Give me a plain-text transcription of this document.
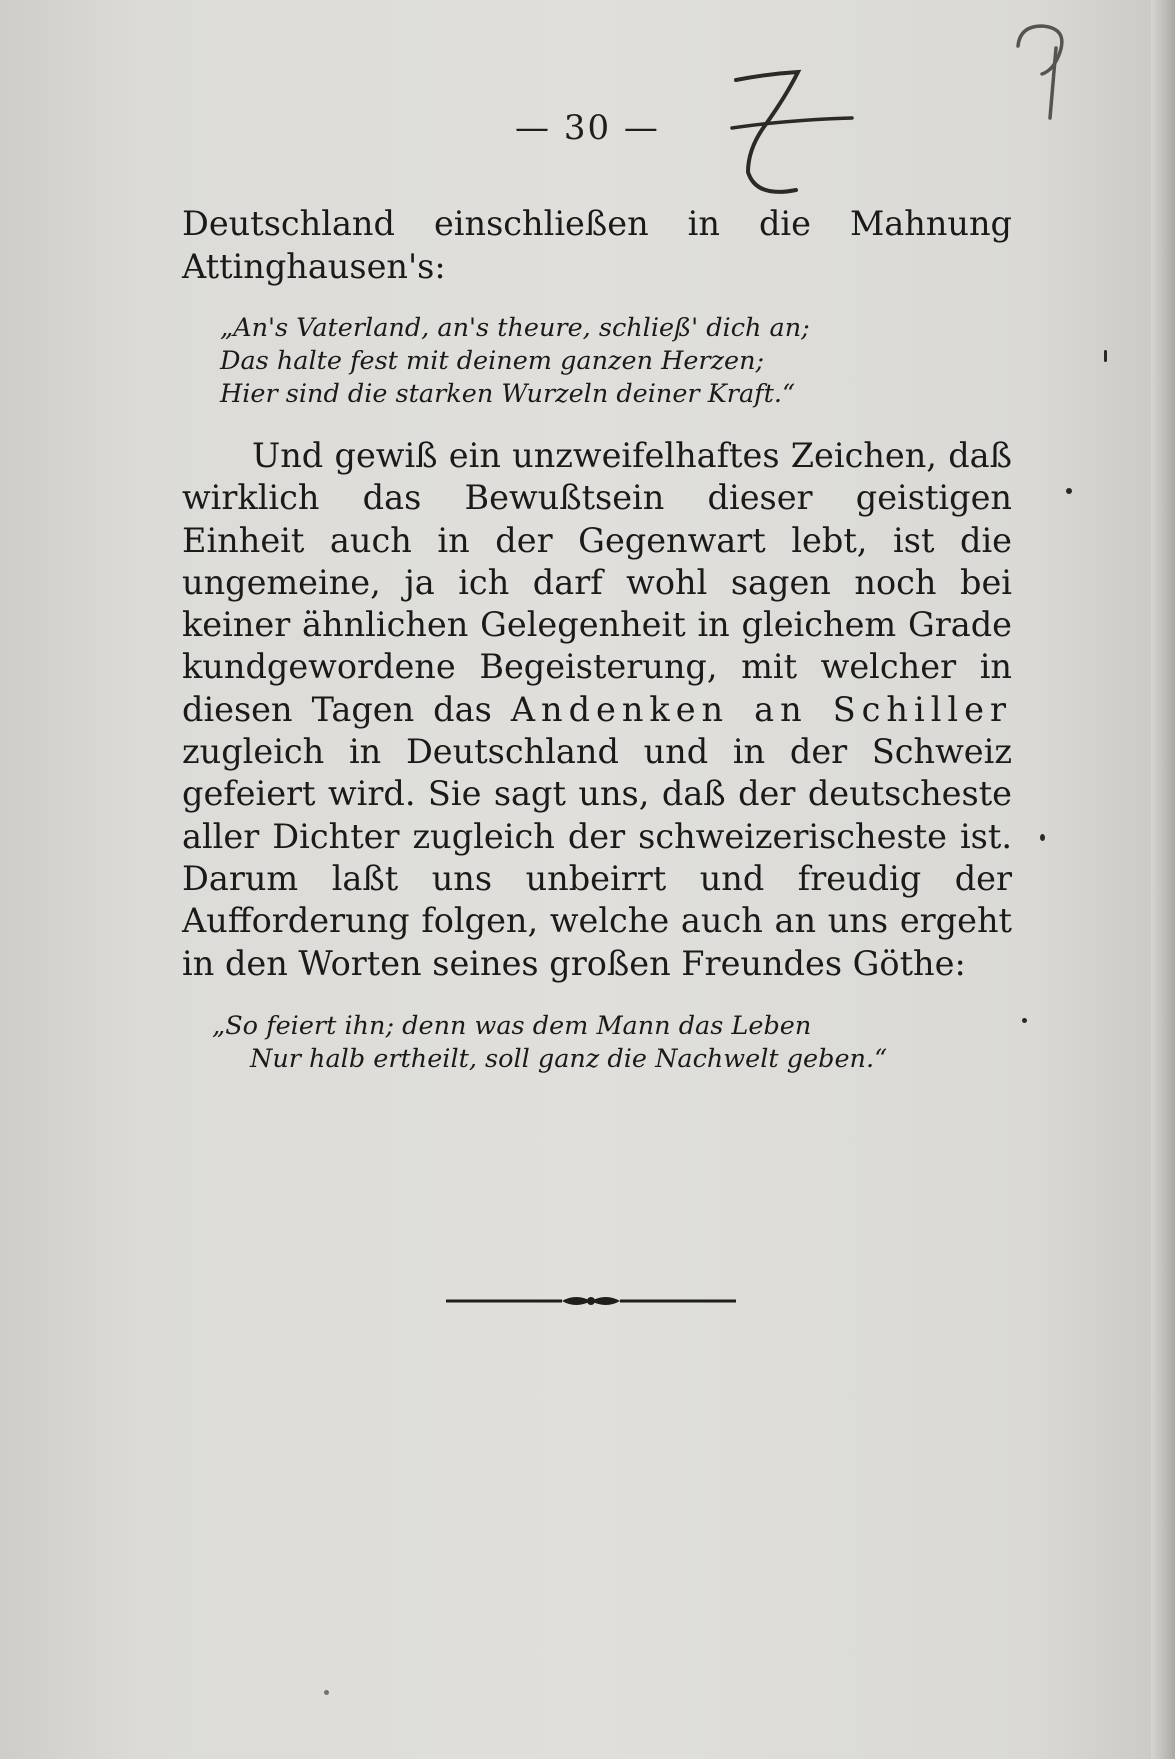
— 30 —

Deutschland einschließen in die Mahnung Attinghausen's:

„An's Vaterland, an's theure, schließ' dich an;
Das halte fest mit deinem ganzen Herzen;
Hier sind die starken Wurzeln deiner Kraft.“

Und gewiß ein unzweifelhaftes Zeichen, daß wirklich das Bewußtsein dieser geistigen Einheit auch in der Gegenwart lebt, ist die ungemeine, ja ich darf wohl sagen noch bei keiner ähnlichen Gelegenheit in gleichem Grade kundgewordene Begeisterung, mit welcher in diesen Tagen das Andenken an Schiller zugleich in Deutschland und in der Schweiz gefeiert wird. Sie sagt uns, daß der deutscheste aller Dichter zugleich der schweizerischeste ist. Darum laßt uns unbeirrt und freudig der Aufforderung folgen, welche auch an uns ergeht in den Worten seines großen Freundes Göthe:

„So feiert ihn; denn was dem Mann das Leben
Nur halb ertheilt, soll ganz die Nachwelt geben.“
